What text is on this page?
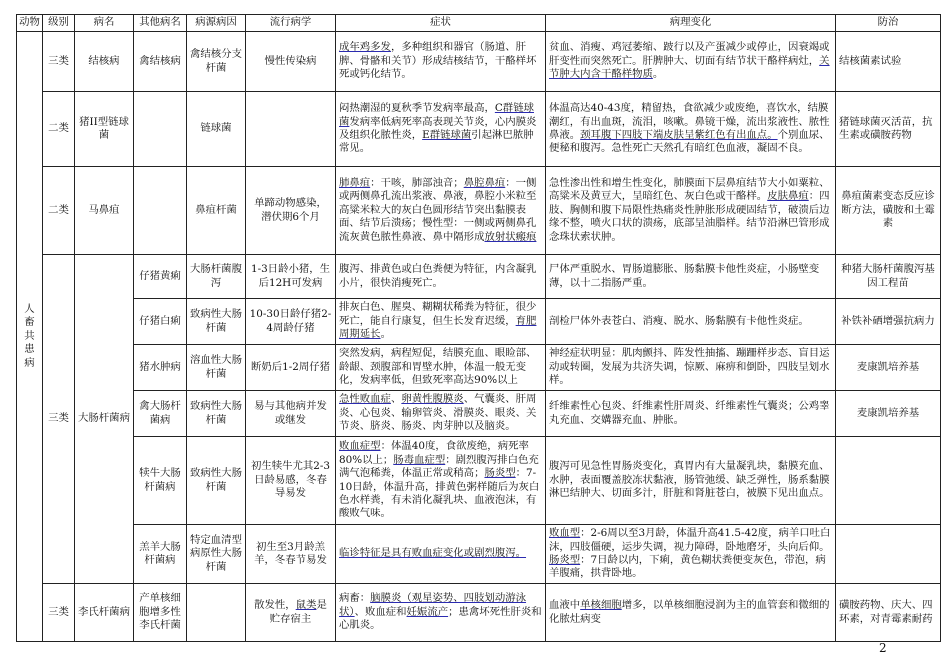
动物	级别	病名	其他病名	病源病因	流行病学	症状	病理变化	防治
人畜共患病	三类	结核病	禽结核病	禽结核分支杆菌	慢性传染病	成年鸡多发，多种组织和器官（肠道、肝脾、骨骼和关节）形成结核结节，干酪样坏死或钙化结节。	贫血、消瘦、鸡冠萎缩、跛行以及产蛋减少或停止，因衰竭或肝变性而突然死亡。肝脾肿大、切面有结节状干酪样病灶，关节肿大内含干酪样物质。	结核菌素试验
	二类	猪II型链球菌		链球菌		闷热潮湿的夏秋季节发病率最高，C群链球菌发病率低病死率高表现关节炎，心内膜炎及组织化脓性炎，E群链球菌引起淋巴脓肿常见。	体温高达40-43度，精留热，食欲减少或废绝，喜饮水，结膜潮红，有出血斑，流泪，咳嗽。鼻镜干燥，流出浆液性、脓性鼻液。颈耳腹下四肢下端皮肤呈紫红色有出血点。个别血尿、便秘和腹泻。急性死亡天然孔有暗红色血液，凝固不良。	猪链球菌灭活苗，抗生素或磺胺药物
	二类	马鼻疽		鼻疽杆菌	单蹄动物感染，潜伏期6个月	肺鼻疽：干咳，肺部浊音；鼻腔鼻疽：一侧或两侧鼻孔流出浆液、鼻液，鼻腔小米粒至高粱米粒大的灰白色圆形结节突出黏膜表面、结节后溃疡；慢性型：一侧或两侧鼻孔流灰黄色脓性鼻液、鼻中隔形成放射状瘢痕	急性渗出性和增生性变化，肺膜面下层鼻疽结节大小如粟粒、高粱米及黄豆大，呈暗红色、灰白色或干酪样。皮肤鼻疽：四肢、胸侧和腹下局限性热痛炎性肿胀形成硬固结节，破溃后边缘不整，喷火口状的溃疡，底部呈油脂样。结节沿淋巴管形成念珠状索状肿。	鼻疽菌素变态反应诊断方法，磺胺和土霉素
	三类	大肠杆菌病	仔猪黄痢	大肠杆菌腹泻	1-3日龄小猪，生后12H可发病	腹泻、排黄色或白色粪便为特征，内含凝乳小片，很快消瘦死亡。	尸体严重脱水、胃肠道膨胀、肠黏膜卡他性炎症，小肠壁变薄，以十二指肠严重。	种猪大肠杆菌腹泻基因工程苗
			仔猪白痢	致病性大肠杆菌	10-30日龄仔猪2-4周龄仔猪	排灰白色、腥臭、糊糊状稀粪为特征，很少死亡，能自行康复，但生长发育迟缓，育肥周期延长。	剖检尸体外表苍白、消瘦、脱水、肠黏膜有卡他性炎症。	补铁补硒增强抗病力
			猪水肿病	溶血性大肠杆菌	断奶后1-2周仔猪	突然发病，病程短促，结膜充血、眼睑部、龄龈、颈腹部和胃壁水肿，体温一般无变化，发病率低，但致死率高达90%以上	神经症状明显：肌肉颤抖、阵发性抽搐、蹦跚样步态、盲目运动或转圈，发展为共济失调，惊厥、麻痹和倒卧，四肢呈划水样。	麦康凯培养基
			禽大肠杆菌病	致病性大肠杆菌	易与其他病并发或继发	急性败血症、卵黄性腹膜炎、气囊炎、肝周炎、心包炎、输卵管炎、滑膜炎、眼炎、关节炎、脐炎、肠炎、肉芽肿以及脑炎。	纤维素性心包炎、纤维素性肝周炎、纤维素性气囊炎；公鸡睾丸充血、交媾器充血、肿胀。	麦康凯培养基
			犊牛大肠杆菌病	致病性大肠杆菌	初生犊牛尤其2-3日龄易感，冬春导易发	败血症型：体温40度，食欲废绝，病死率80%以上；肠毒血症型：剧烈腹泻排白色充满气泡稀粪，体温正常或稍高；肠炎型：7-10日龄，体温升高，排黄色粥样随后为灰白色水样粪，有未消化凝乳块、血液泡沫，有酸败气味。	腹泻可见急性胃肠炎变化，真胃内有大量凝乳块，黏膜充血、水肿，表面覆盖胶冻状黏液，肠管弛缓、缺乏弹性，肠系黏膜淋巴结肿大、切面多汁，肝脏和肾脏苍白，被膜下见出血点。	
			羔羊大肠杆菌病	特定血清型病原性大肠杆菌	初生至3月龄羔羊，冬春节易发	临诊特征是具有败血症变化或剧烈腹泻。	败血型：2-6周以至3月龄，体温升高41.5-42度，病羊口吐白沫，四肢僵硬，运步失调，视力障碍，卧地磨牙，头向后仰。肠炎型：7日龄以内，下痢，黄色糊状粪便变灰色，带泡，病羊腹痛，拱背卧地。	
	三类	李氏杆菌病	产单核细胞增多性李氏杆菌		散发性，鼠类是贮存宿主	病畜：脑膜炎（观星姿势、四肢划动游泳状）、败血症和妊娠流产；患禽坏死性肝炎和心肌炎。	血液中单核细胞增多，以单核细胞浸润为主的血管套和微细的化脓灶病变	磺胺药物、庆大、四环素，对青霉素耐药
2
